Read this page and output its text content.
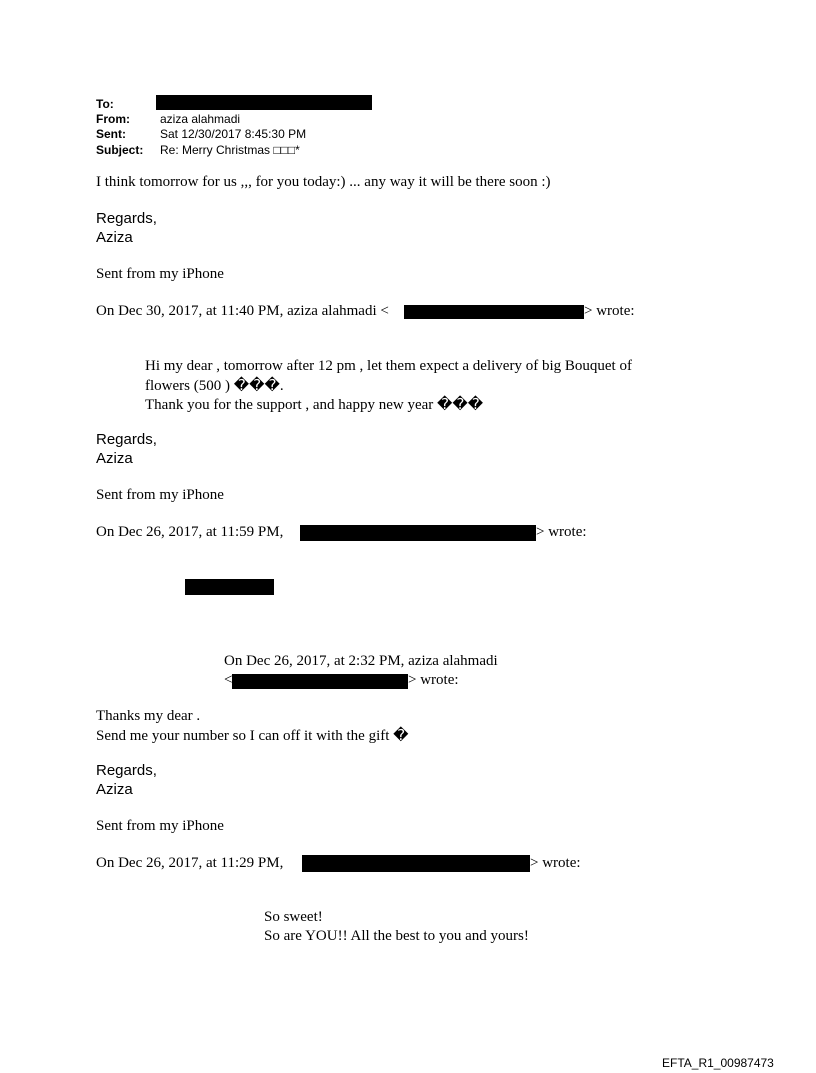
To:
From:	aziza alahmadi
Sent:	Sat 12/30/2017 8:45:30 PM
Subject: Re: Merry Christmas □□□*
I think tomorrow for us ,,, for you today:) ... any way it will be there soon :)
Regards,
Aziza
Sent from my iPhone
On Dec 30, 2017, at 11:40 PM, aziza alahmadi <	> wrote:
Hi my dear , tomorrow after 12 pm , let them expect a delivery of big Bouquet of
flowers (500 ) ���.
Thank you for the support , and happy new year ���
Regards,
Aziza
Sent from my iPhone
On Dec 26, 2017, at 11:59 PM,	> wrote:
On Dec 26, 2017, at 2:32 PM, aziza alahmadi
<	> wrote:
Thanks my dear .
Send me your number so I can off it with the gift �
Regards,
Aziza
Sent from my iPhone
On Dec 26, 2017, at 11:29 PM,	> wrote:
So sweet!
So are YOU!! All the best to you and yours!
EFTA_R1_00987473
